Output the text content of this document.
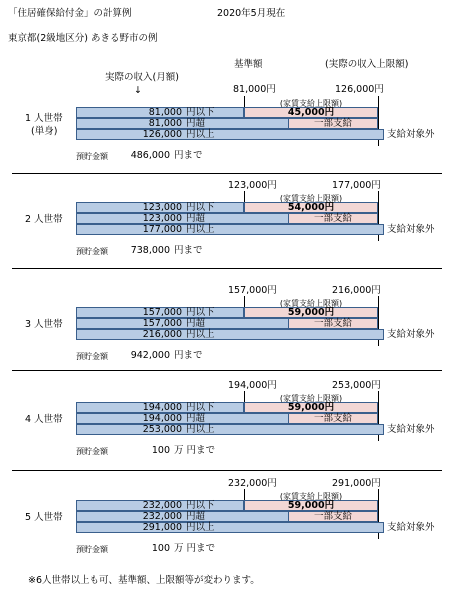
「住居確保給付金」の計算例	2020年5月現在
東京都(2級地区分) あきる野市の例
基準額	(実際の収入上限額)
実際の収入(月額)
↓	81,000円	126,000円
(家賃支給上限額)
45,000円
81,000 円以下
81,000 円超	一部支給
126,000 円以上	支給対象外
1 人世帯
(単身)
預貯金額	486,000 円まで
123,000円	177,000円
(家賃支給上限額)
54,000円
123,000 円以下
123,000 円超	一部支給
177,000 円以上	支給対象外
2 人世帯
預貯金額	738,000 円まで
157,000円	216,000円
(家賃支給上限額)
59,000円
157,000 円以下
157,000 円超	一部支給
216,000 円以上	支給対象外
3 人世帯
預貯金額	942,000 円まで
194,000円	253,000円
(家賃支給上限額)
59,000円
194,000 円以下
194,000 円超	一部支給
253,000 円以上	支給対象外
4 人世帯
預貯金額	100 万 円まで
232,000円	291,000円
(家賃支給上限額)
59,000円
232,000 円以下
232,000 円超	一部支給
291,000 円以上	支給対象外
5 人世帯
預貯金額	100 万 円まで
※6人世帯以上も可、基準額、上限額等が変わります。
